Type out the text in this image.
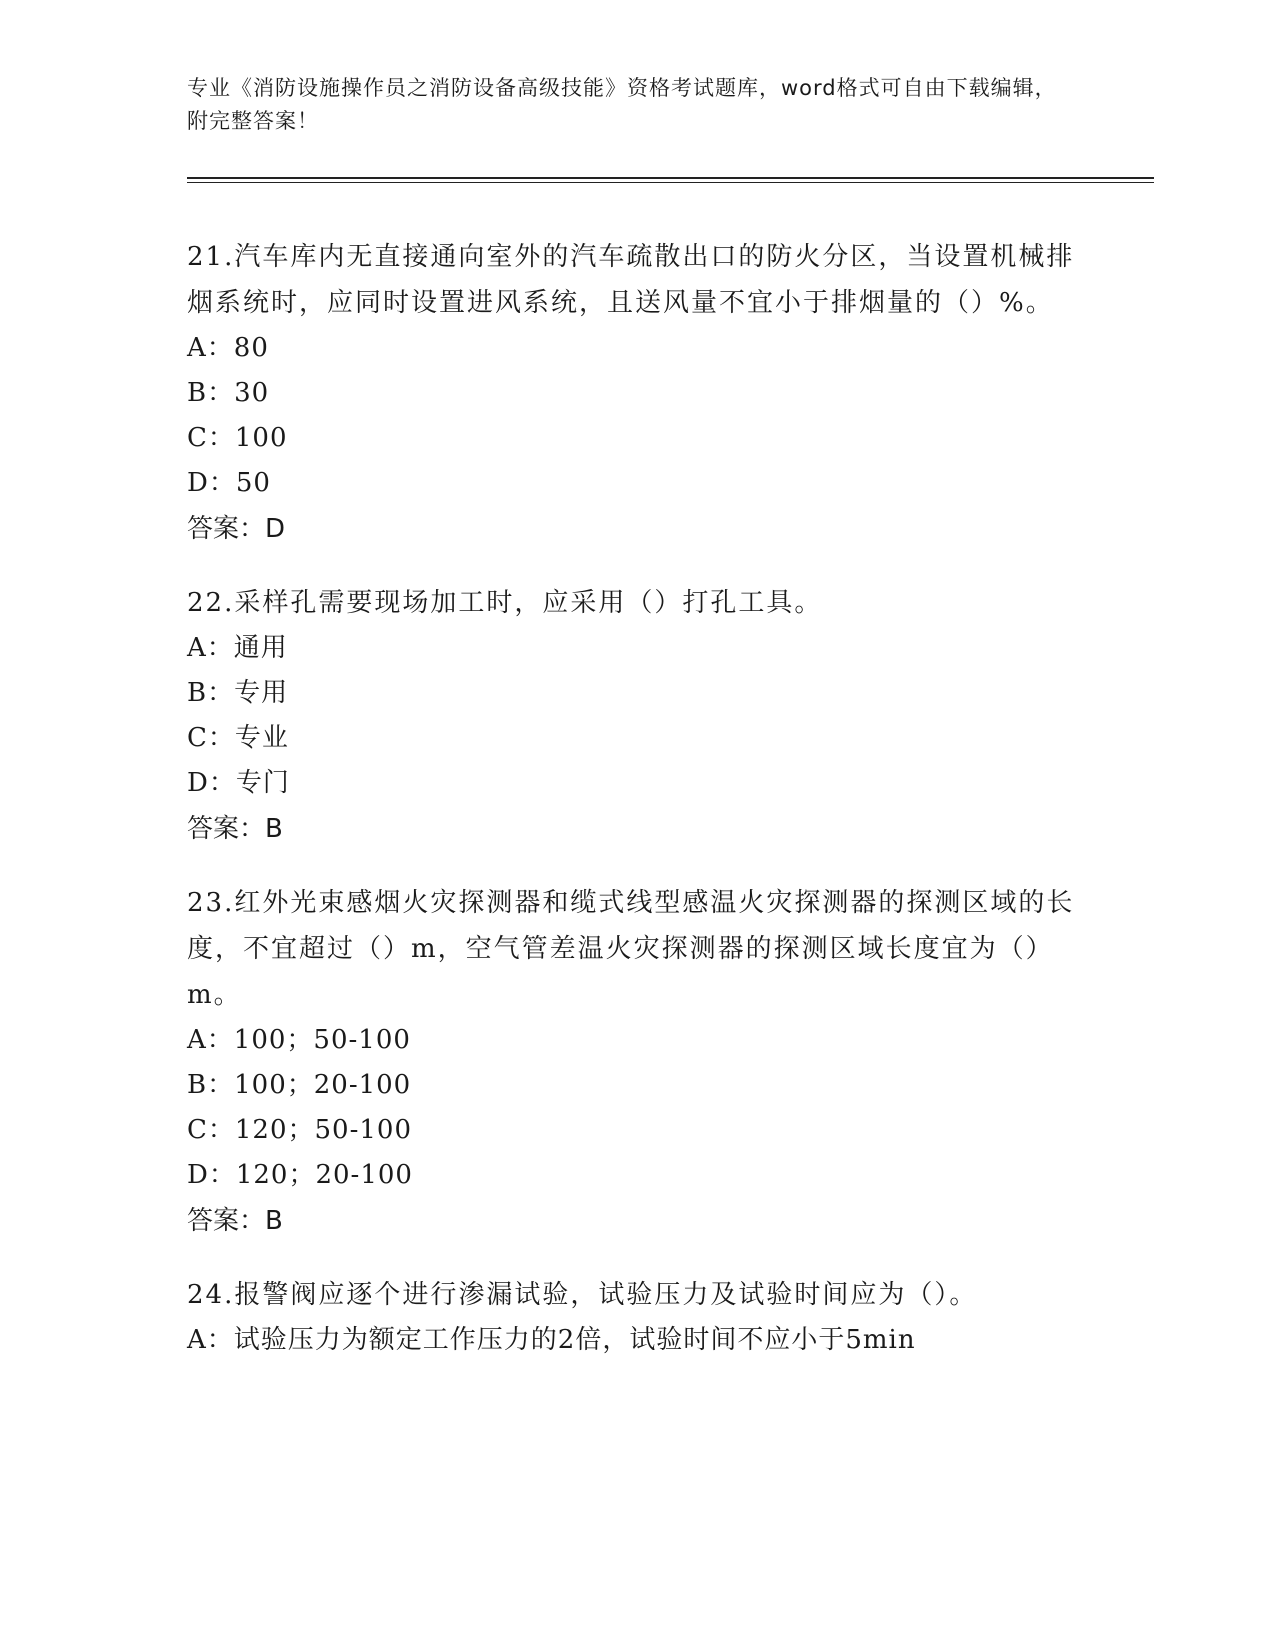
专业《消防设施操作员之消防设备高级技能》资格考试题库，word格式可自由下载编辑，附完整答案！
21.汽车库内无直接通向室外的汽车疏散出口的防火分区，当设置机械排烟系统时，应同时设置进风系统，且送风量不宜小于排烟量的（）%。
A：80
B：30
C：100
D：50
答案：D
22.采样孔需要现场加工时，应采用（）打孔工具。
A：通用
B：专用
C：专业
D：专门
答案：B
23.红外光束感烟火灾探测器和缆式线型感温火灾探测器的探测区域的长度，不宜超过（）m，空气管差温火灾探测器的探测区域长度宜为（）m。
A：100；50-100
B：100；20-100
C：120；50-100
D：120；20-100
答案：B
24.报警阀应逐个进行渗漏试验，试验压力及试验时间应为（）。
A：试验压力为额定工作压力的2倍，试验时间不应小于5min
